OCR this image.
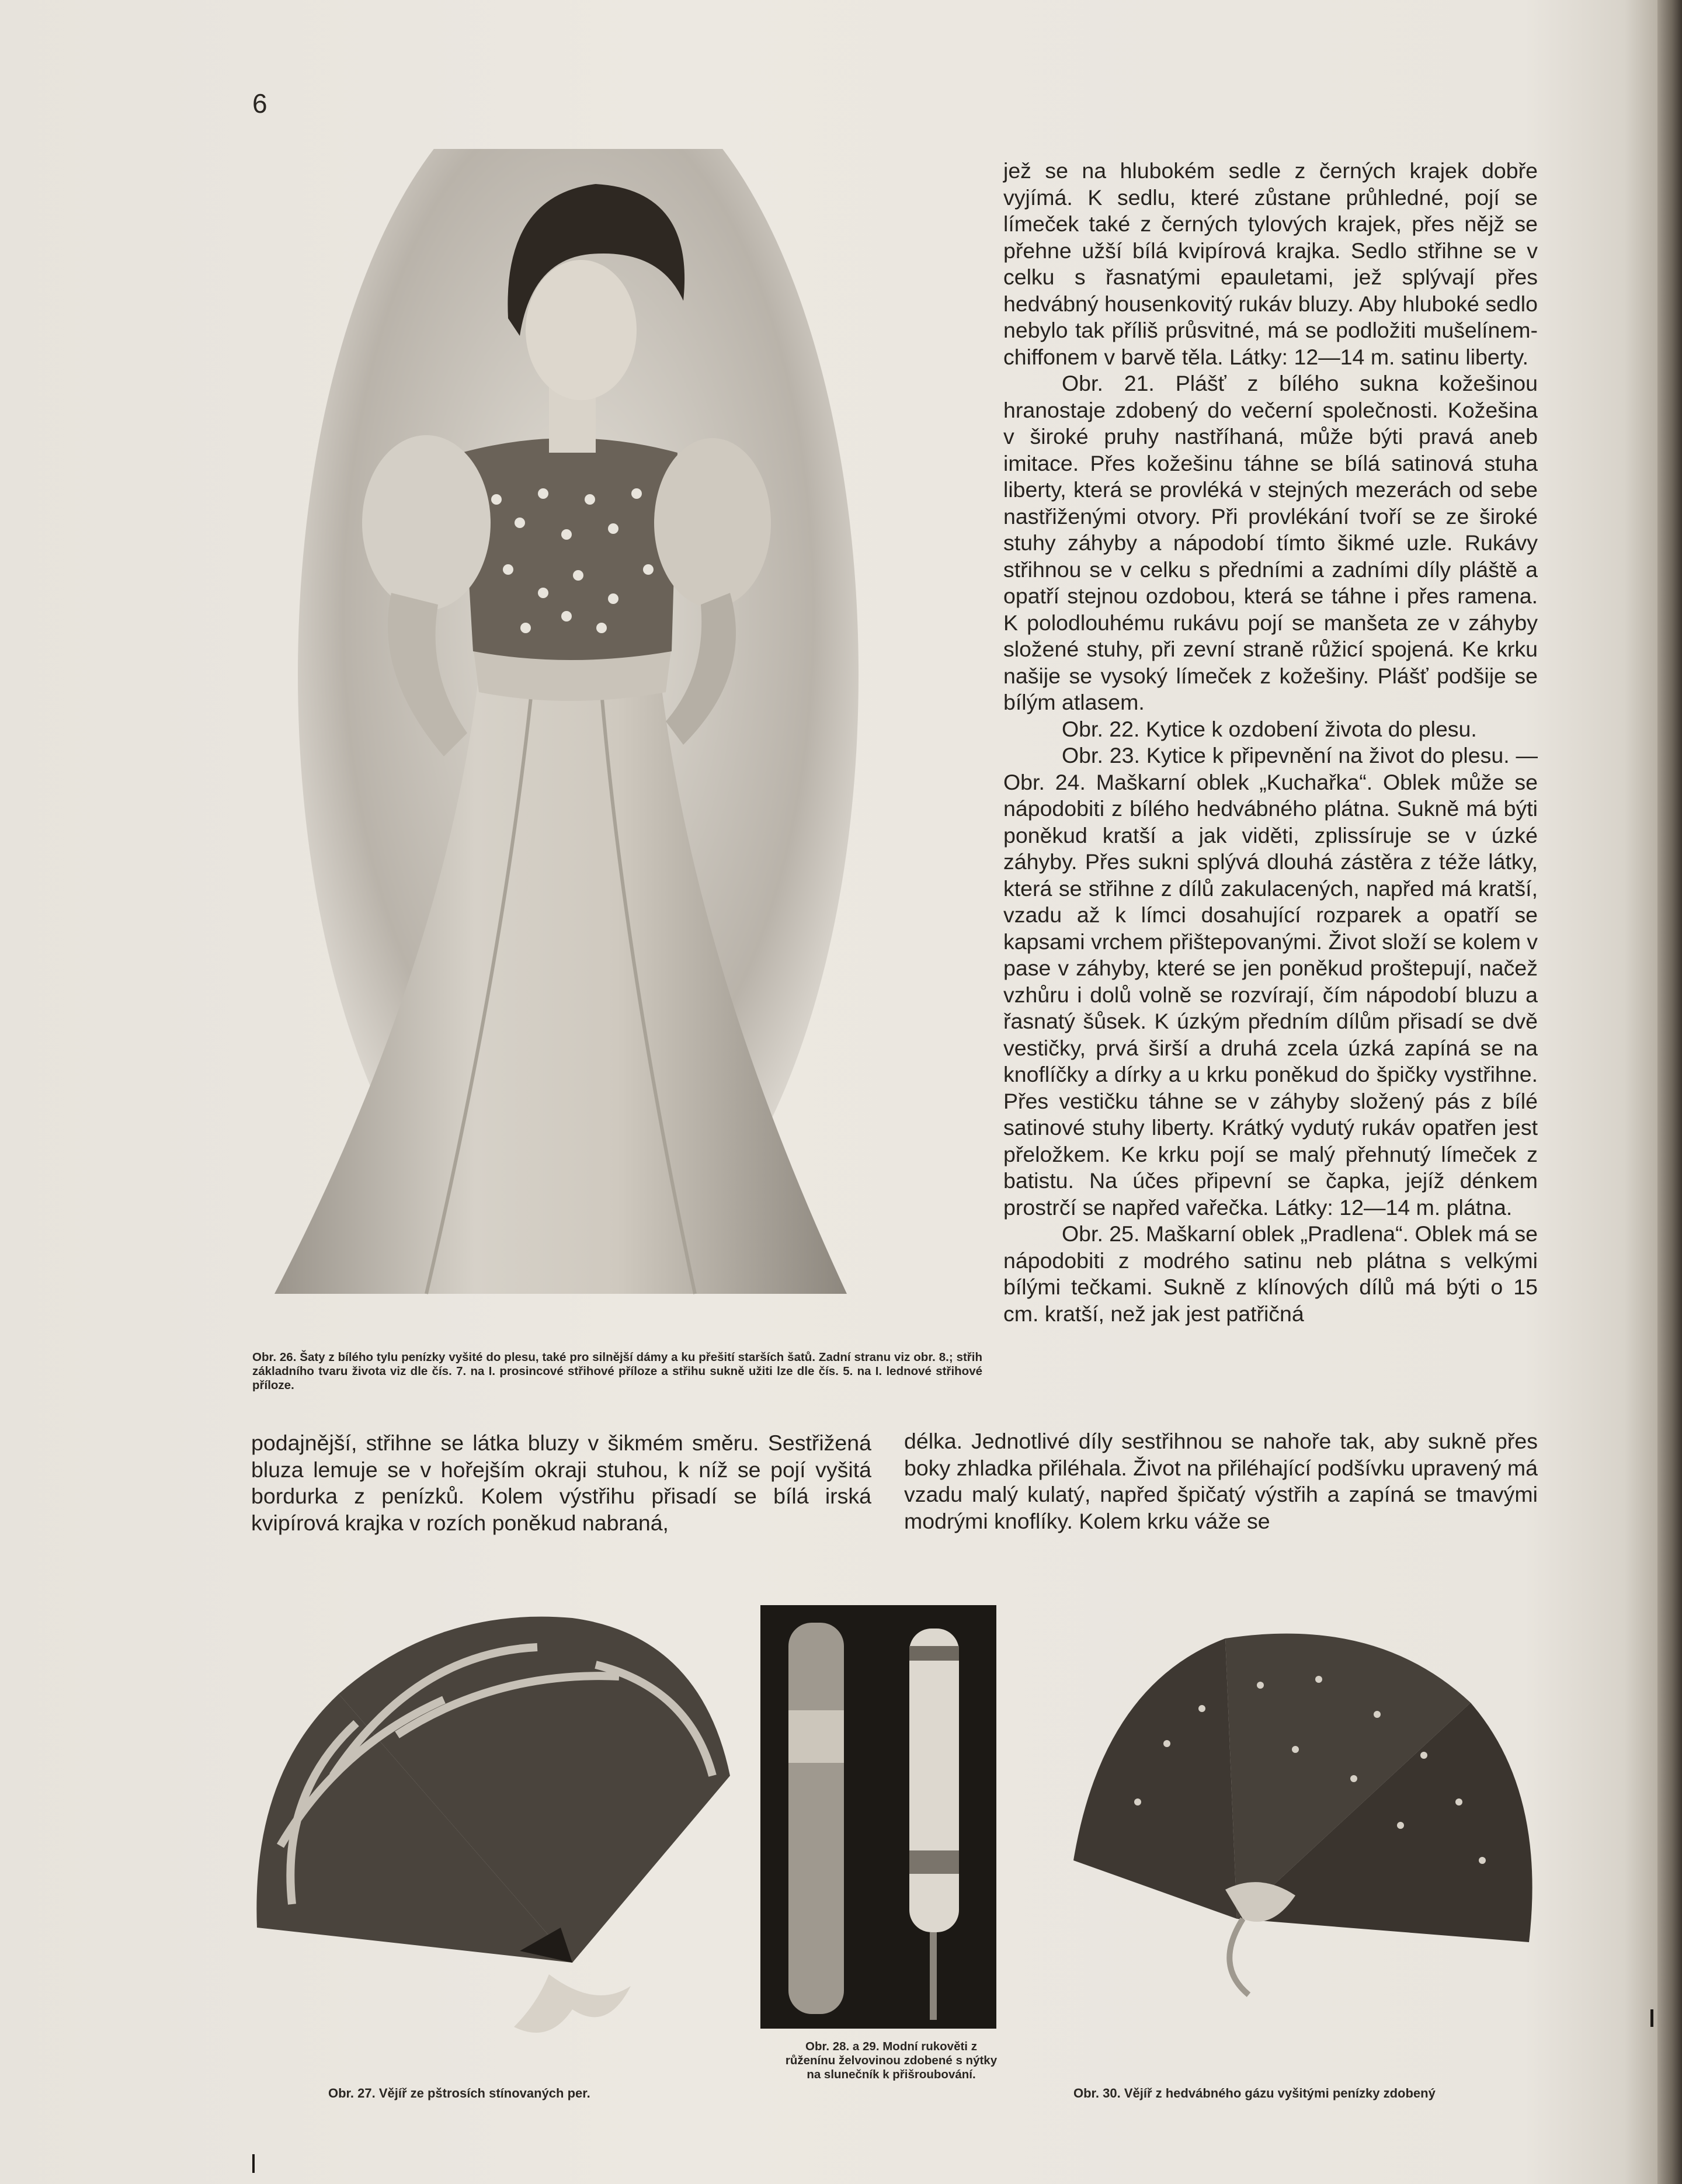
6
Obr. 26. Šaty z bílého tylu penízky vyšité do plesu, také pro silnější dámy a ku přešití starších šatů. Zadní stranu viz obr. 8.; střih základního tvaru života viz dle čís. 7. na I. prosincové střihové příloze a střihu sukně užiti lze dle čís. 5. na I. lednové střihové příloze.

jež se na hlubokém sedle z černých krajek dobře vyjímá. K sedlu, které zůstane průhledné, pojí se límeček také z černých tylových krajek, přes nějž se přehne užší bílá kvipírová krajka. Sedlo střihne se v celku s řasnatými epauletami, jež splývají přes hedvábný housenkovitý rukáv bluzy. Aby hluboké sedlo nebylo tak příliš průsvitné, má se podložiti mušelínem-chiffonem v barvě těla. Látky: 12—14 m. satinu liberty.

Obr. 21. Plášť z bílého sukna kožešinou hranostaje zdobený do večerní společnosti. Kožešina v široké pruhy nastříhaná, může býti pravá aneb imitace. Přes kožešinu táhne se bílá satinová stuha liberty, která se provléká v stejných mezerách od sebe nastřiženými otvory. Při provlékání tvoří se ze široké stuhy záhyby a nápodobí tímto šikmé uzle. Rukávy střihnou se v celku s předními a zadními díly pláště a opatří stejnou ozdobou, která se táhne i přes ramena. K polodlouhému rukávu pojí se manšeta ze v záhyby složené stuhy, při zevní straně růžicí spojená. Ke krku našije se vysoký límeček z kožešiny. Plášť podšije se bílým atlasem.

Obr. 22. Kytice k ozdobení života do plesu.

Obr. 23. Kytice k připevnění na život do plesu. — Obr. 24. Maškarní oblek „Kuchařka“. Oblek může se nápodobiti z bílého hedvábného plátna. Sukně má býti poněkud kratší a jak viděti, zplissíruje se v úzké záhyby. Přes sukni splývá dlouhá zástěra z téže látky, která se střihne z dílů zakulacených, napřed má kratší, vzadu až k límci dosahující rozparek a opatří se kapsami vrchem přištepovanými. Život složí se kolem v pase v záhyby, které se jen poněkud proštepují, načež vzhůru i dolů volně se rozvírají, čím nápodobí bluzu a řasnatý šůsek. K úzkým předním dílům přisadí se dvě vestičky, prvá širší a druhá zcela úzká zapíná se na knoflíčky a dírky a u krku poněkud do špičky vystřihne. Přes vestičku táhne se v záhyby složený pás z bílé satinové stuhy liberty. Krátký vydutý rukáv opatřen jest přeložkem. Ke krku pojí se malý přehnutý límeček z batistu. Na účes připevní se čapka, jejíž dénkem prostrčí se napřed vařečka. Látky: 12—14 m. plátna.

Obr. 25. Maškarní oblek „Pradlena“. Oblek má se nápodobiti z modrého satinu neb plátna s velkými bílými tečkami. Sukně z klínových dílů má býti o 15 cm. kratší, než jak jest patřičná

délka. Jednotlivé díly sestřihnou se nahoře tak, aby sukně přes boky zhladka přiléhala. Život na přiléhající podšívku upravený má vzadu malý kulatý, napřed špičatý výstřih a zapíná se tmavými modrými knoflíky. Kolem krku váže se

podajnější, střihne se látka bluzy v šikmém směru. Sestřižená bluza lemuje se v hořejším okraji stuhou, k níž se pojí vyšitá bordurka z penízků. Kolem výstřihu přisadí se bílá irská kvipírová krajka v rozích poněkud nabraná,

Obr. 28. a 29. Modní rukověti z růženínu želvovinou zdobené s nýtky na slunečník k přišroubování.
Obr. 27. Vějíř ze pštrosích stínovaných per.	Obr. 30. Vějíř z hedvábného gázu vyšitými penízky zdobený
